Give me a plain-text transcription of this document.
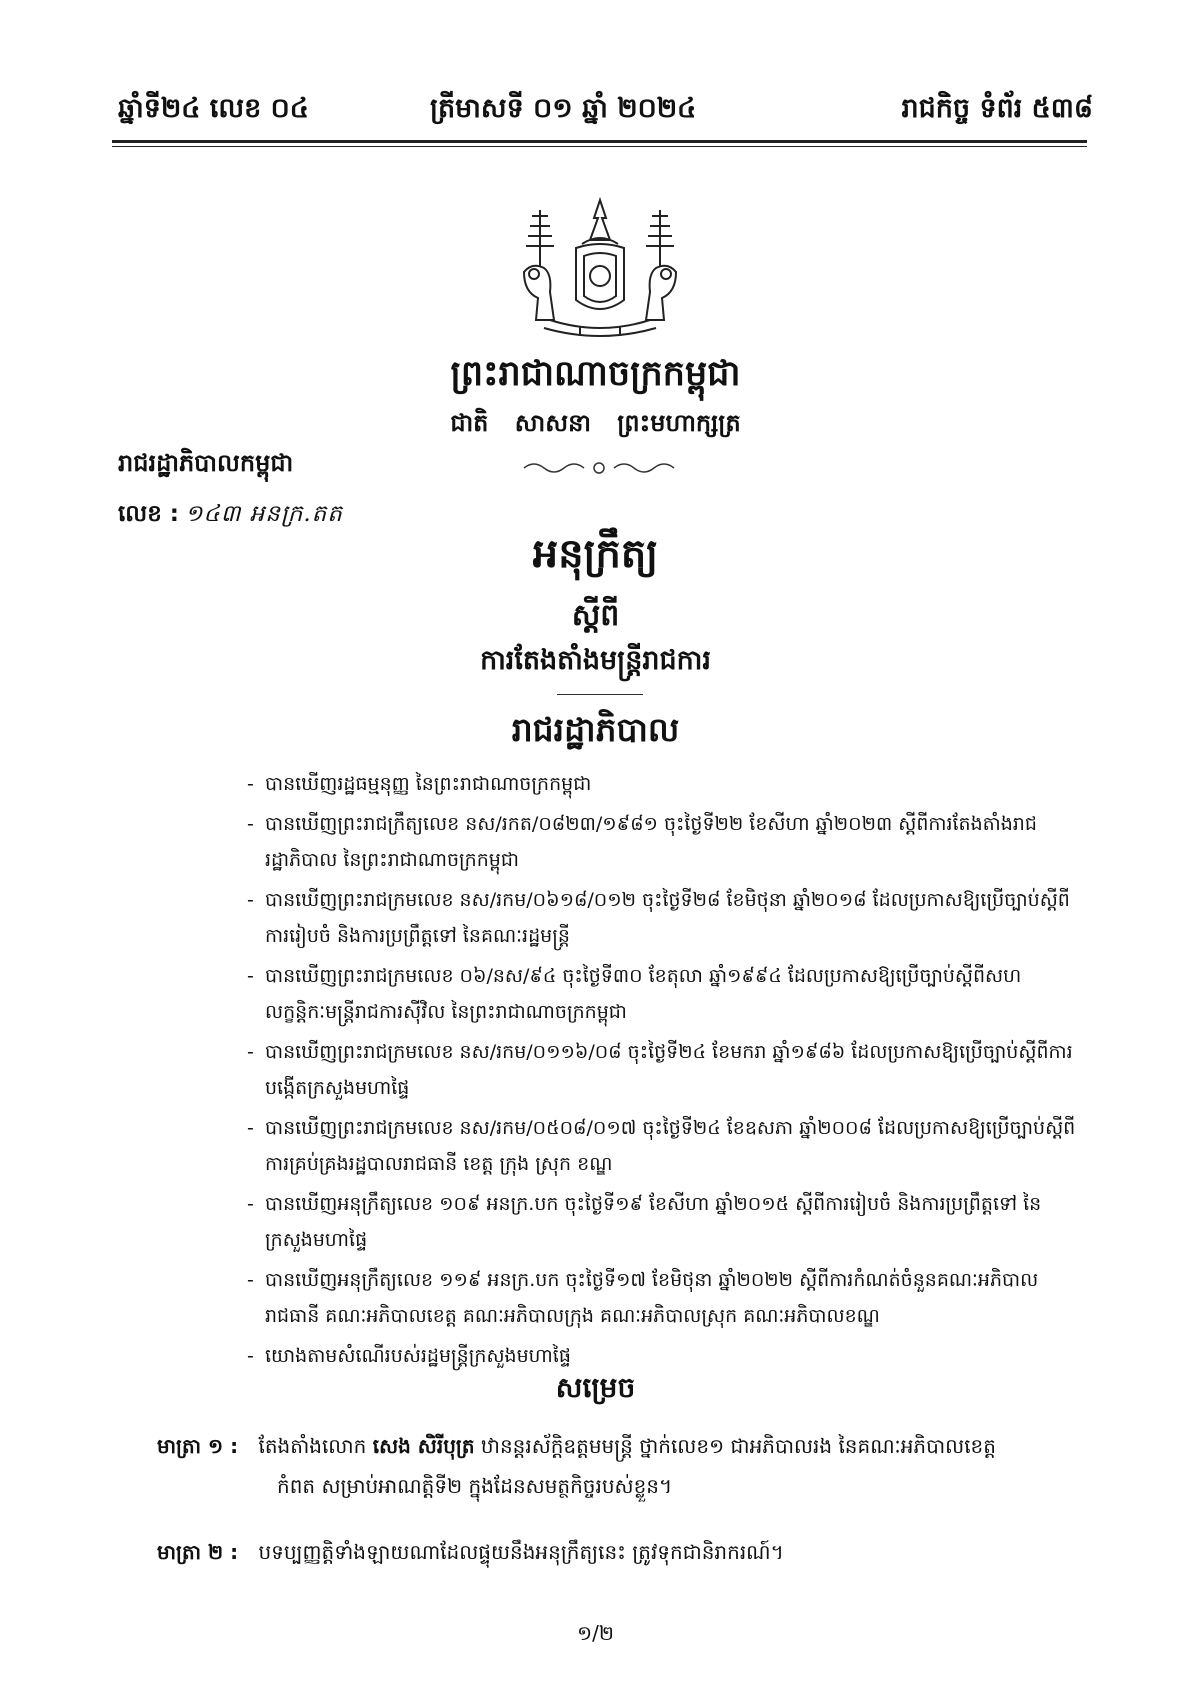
ឆ្នាំទី២៤ លេខ ០៤	ត្រីមាសទី ០១ ឆ្នាំ ២០២៤	រាជកិច្ច ទំព័រ ៥៣៨
ព្រះរាជាណាចក្រកម្ពុជា
ជាតិ សាសនា ព្រះមហាក្សត្រ
រាជរដ្ឋាភិបាលកម្ពុជា
លេខ : ១៤៣ អនក្រ.តត
អនុក្រឹត្យ
ស្ដីពី
ការតែងតាំងមន្ត្រីរាជការ
រាជរដ្ឋាភិបាល
- បានឃើញរដ្ឋធម្មនុញ្ញ នៃព្រះរាជាណាចក្រកម្ពុជា
- បានឃើញព្រះរាជក្រឹត្យលេខ នស/រកត/០៨២៣/១៩៨១ ចុះថ្ងៃទី២២ ខែសីហា ឆ្នាំ២០២៣ ស្ដីពីការតែងតាំងរាជរដ្ឋាភិបាល នៃព្រះរាជាណាចក្រកម្ពុជា
- បានឃើញព្រះរាជក្រមលេខ នស/រកម/០៦១៨/០១២ ចុះថ្ងៃទី២៨ ខែមិថុនា ឆ្នាំ២០១៨ ដែលប្រកាសឱ្យប្រើច្បាប់ស្ដីពីការរៀបចំ និងការប្រព្រឹត្តទៅ នៃគណៈរដ្ឋមន្ត្រី
- បានឃើញព្រះរាជក្រមលេខ ០៦/នស/៩៤ ចុះថ្ងៃទី៣០ ខែតុលា ឆ្នាំ១៩៩៤ ដែលប្រកាសឱ្យប្រើច្បាប់ស្ដីពីសហលក្ខន្តិកៈមន្ត្រីរាជការស៊ីវិល នៃព្រះរាជាណាចក្រកម្ពុជា
- បានឃើញព្រះរាជក្រមលេខ នស/រកម/០១១៦/០៨ ចុះថ្ងៃទី២៤ ខែមករា ឆ្នាំ១៩៨៦ ដែលប្រកាសឱ្យប្រើច្បាប់ស្ដីពីការបង្កើតក្រសួងមហាផ្ទៃ
- បានឃើញព្រះរាជក្រមលេខ នស/រកម/០៥០៨/០១៧ ចុះថ្ងៃទី២៤ ខែឧសភា ឆ្នាំ២០០៨ ដែលប្រកាសឱ្យប្រើច្បាប់ស្ដីពីការគ្រប់គ្រងរដ្ឋបាលរាជធានី ខេត្ត ក្រុង ស្រុក ខណ្ឌ
- បានឃើញអនុក្រឹត្យលេខ ១០៩ អនក្រ.បក ចុះថ្ងៃទី១៩ ខែសីហា ឆ្នាំ២០១៥ ស្ដីពីការរៀបចំ និងការប្រព្រឹត្តទៅ នៃក្រសួងមហាផ្ទៃ
- បានឃើញអនុក្រឹត្យលេខ ១១៩ អនក្រ.បក ចុះថ្ងៃទី១៧ ខែមិថុនា ឆ្នាំ២០២២ ស្ដីពីការកំណត់ចំនួនគណៈអភិបាលរាជធានី គណៈអភិបាលខេត្ត គណៈអភិបាលក្រុង គណៈអភិបាលស្រុក គណៈអភិបាលខណ្ឌ
- យោងតាមសំណើរបស់រដ្ឋមន្ត្រីក្រសួងមហាផ្ទៃ
សម្រេច
មាត្រា ១ : តែងតាំងលោក សេង សិរីបុត្រ ឋានន្តរស័ក្តិឧត្តមមន្ត្រី ថ្នាក់លេខ១ ជាអភិបាលរង នៃគណៈអភិបាលខេត្ត
កំពត សម្រាប់អាណត្តិទី២ ក្នុងដែនសមត្ថកិច្ចរបស់ខ្លួន។
មាត្រា ២ : បទប្បញ្ញត្តិទាំងឡាយណាដែលផ្ទុយនឹងអនុក្រឹត្យនេះ ត្រូវទុកជានិរាករណ៍។
១/២
